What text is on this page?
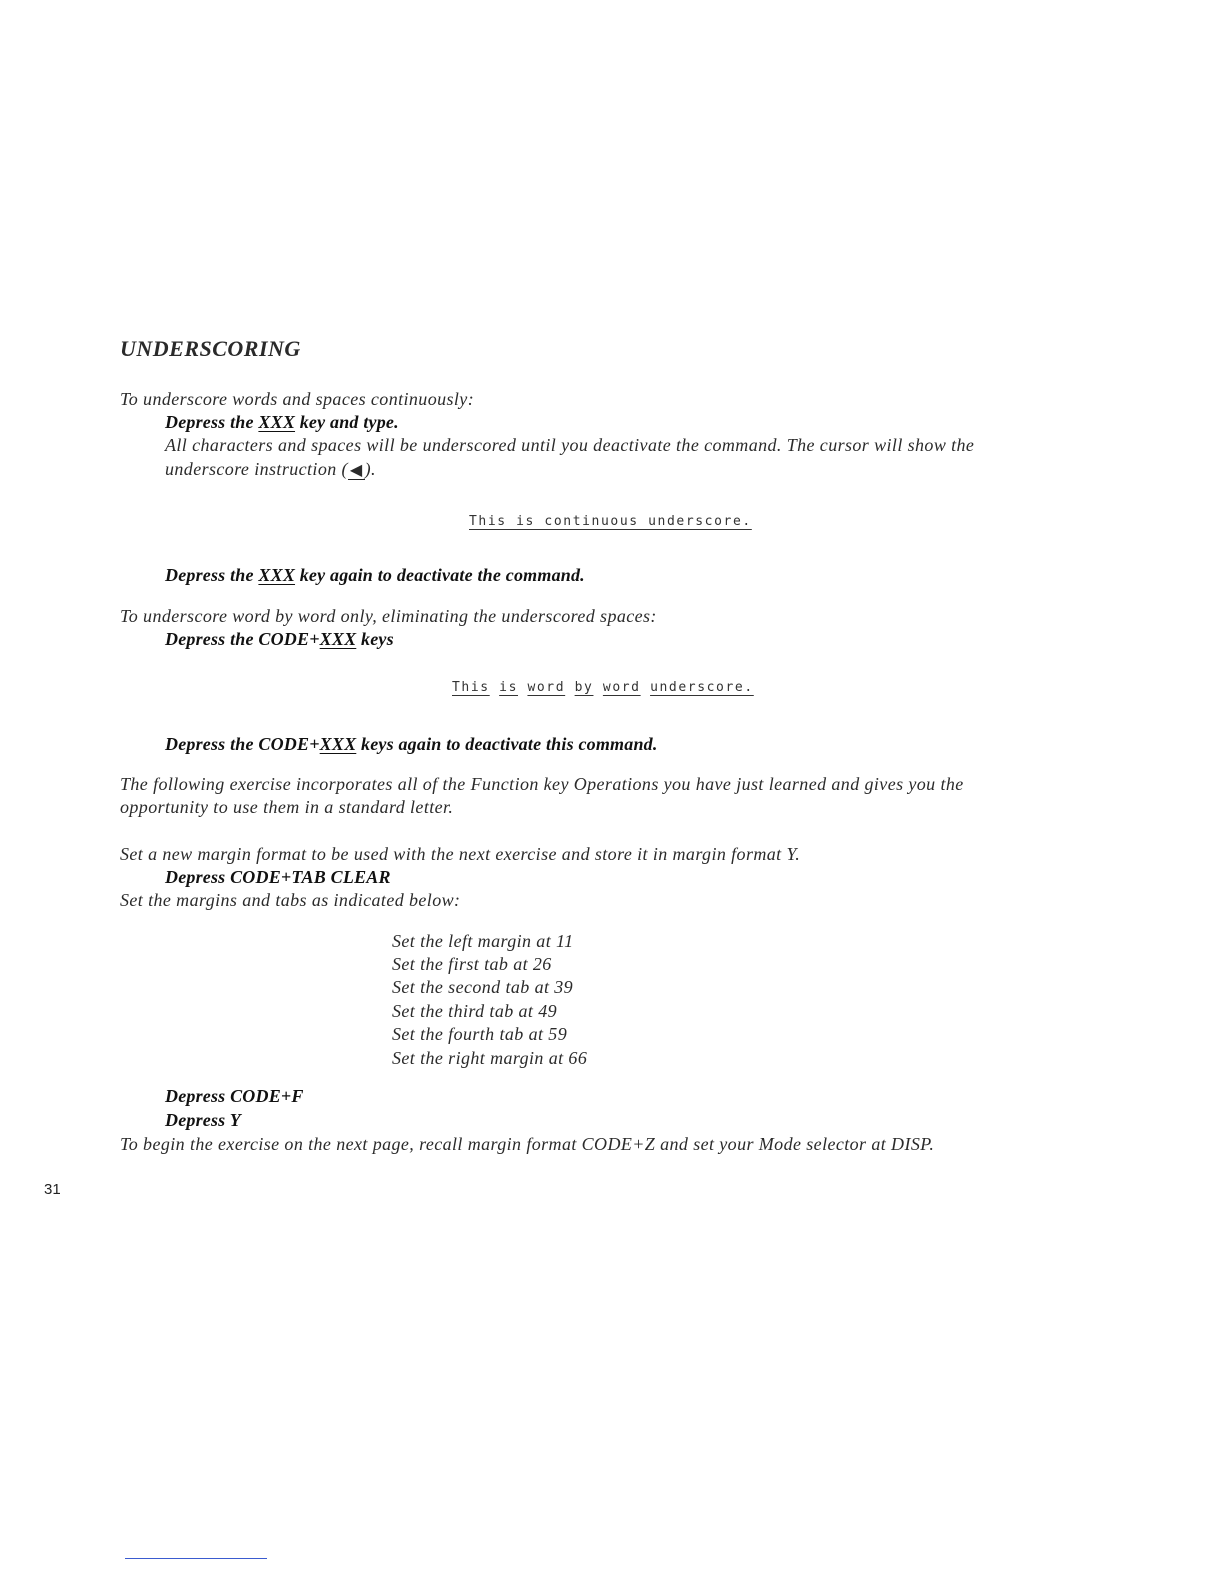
UNDERSCORING
To underscore words and spaces continuously:
Depress the XXX key and type.
All characters and spaces will be underscored until you deactivate the command. The cursor will show the
underscore instruction ( ◀ ).
This is continuous underscore.
Depress the XXX key again to deactivate the command.
To underscore word by word only, eliminating the underscored spaces:
Depress the CODE+XXX keys
This is word by word underscore.
Depress the CODE+XXX keys again to deactivate this command.
The following exercise incorporates all of the Function key Operations you have just learned and gives you the
opportunity to use them in a standard letter.
Set a new margin format to be used with the next exercise and store it in margin format Y.
Depress CODE+TAB CLEAR
Set the margins and tabs as indicated below:
Set the left margin at 11
Set the first tab at 26
Set the second tab at 39
Set the third tab at 49
Set the fourth tab at 59
Set the right margin at 66
Depress CODE+F
Depress Y
To begin the exercise on the next page, recall margin format CODE+Z and set your Mode selector at DISP.
31
